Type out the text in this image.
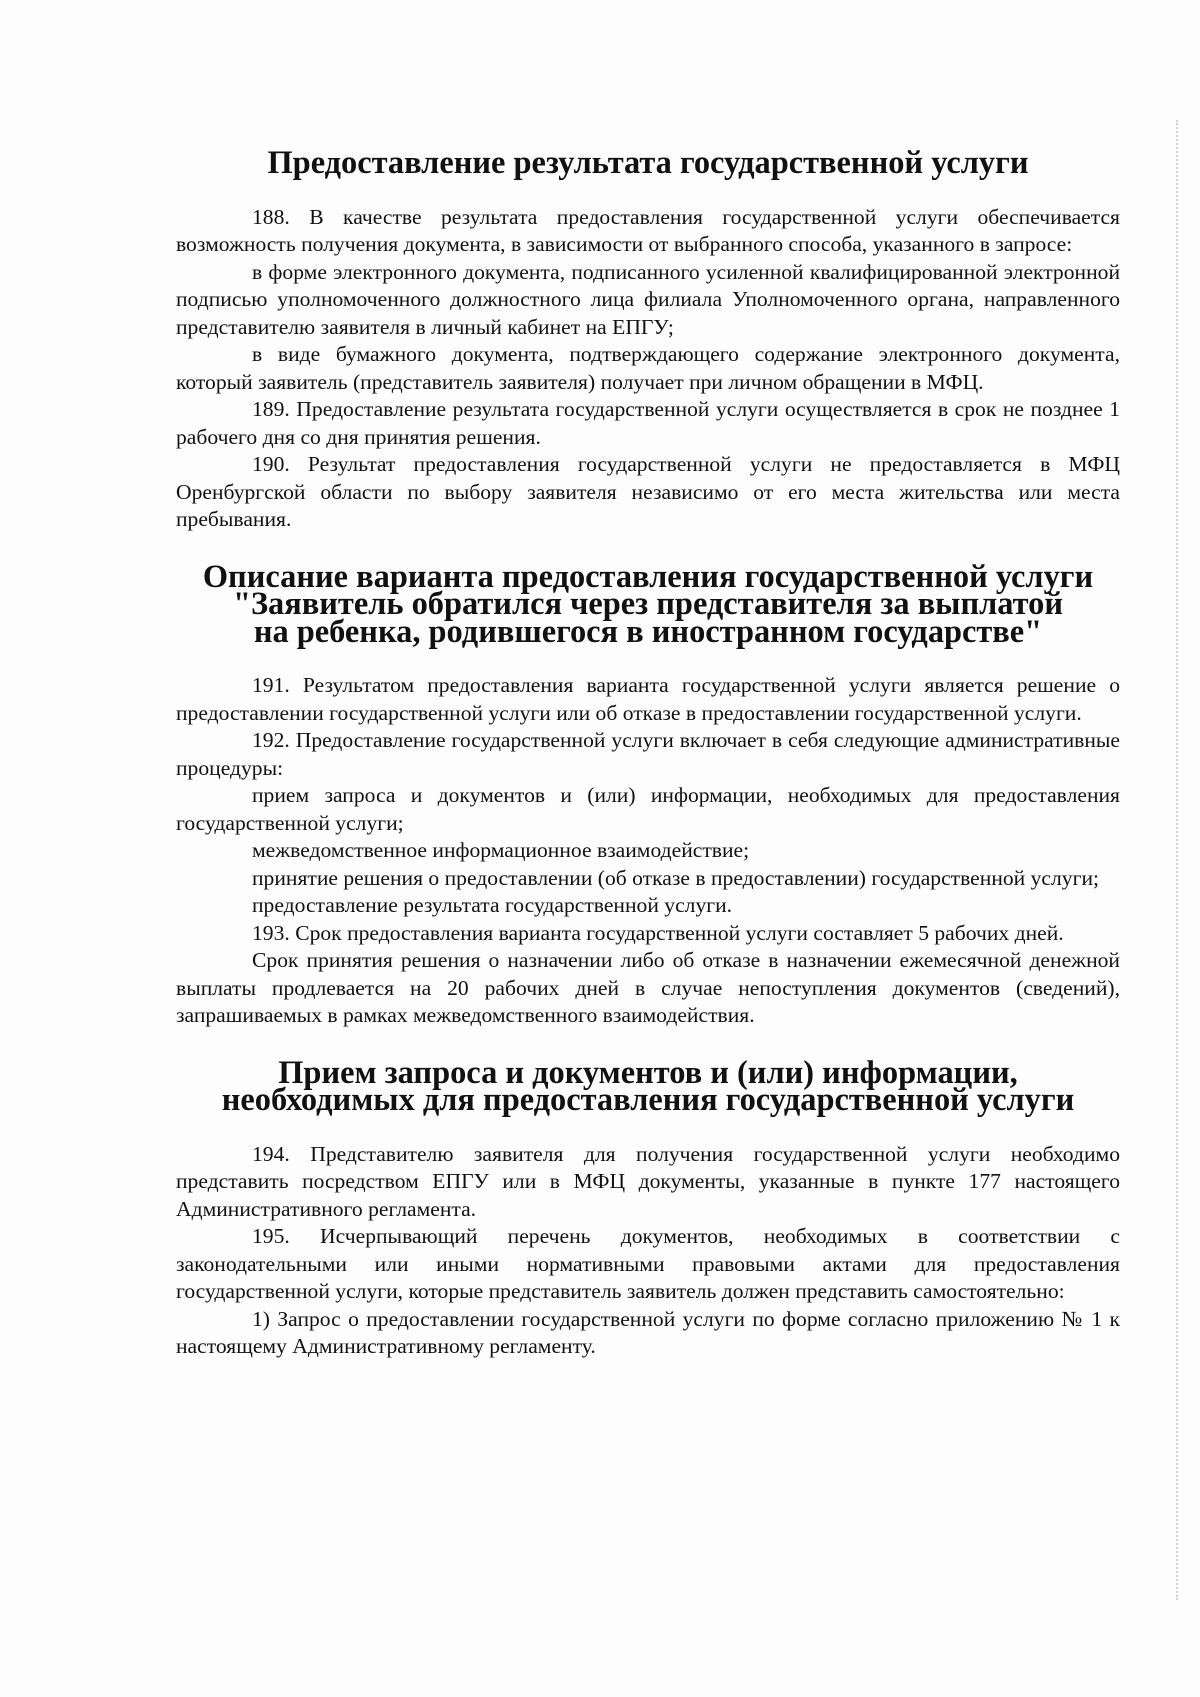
Предоставление результата государственной услуги

188. В качестве результата предоставления государственной услуги обеспечивается возможность получения документа, в зависимости от выбранного способа, указанного в запросе:

в форме электронного документа, подписанного усиленной квалифицированной электронной подписью уполномоченного должностного лица филиала Уполномоченного органа, направленного представителю заявителя в личный кабинет на ЕПГУ;

в виде бумажного документа, подтверждающего содержание электронного документа, который заявитель (представитель заявителя) получает при личном обращении в МФЦ.

189. Предоставление результата государственной услуги осуществляется в срок не позднее 1 рабочего дня со дня принятия решения.

190. Результат предоставления государственной услуги не предоставляется в МФЦ Оренбургской области по выбору заявителя независимо от его места жительства или места пребывания.

Описание варианта предоставления государственной услуги
"Заявитель обратился через представителя за выплатой
на ребенка, родившегося в иностранном государстве"

191. Результатом предоставления варианта государственной услуги является решение о предоставлении государственной услуги или об отказе в предоставлении государственной услуги.

192. Предоставление государственной услуги включает в себя следующие административные процедуры:

прием запроса и документов и (или) информации, необходимых для предоставления государственной услуги;

межведомственное информационное взаимодействие;

принятие решения о предоставлении (об отказе в предоставлении) государственной услуги;

предоставление результата государственной услуги.

193. Срок предоставления варианта государственной услуги составляет 5 рабочих дней.

Срок принятия решения о назначении либо об отказе в назначении ежемесячной денежной выплаты продлевается на 20 рабочих дней в случае непоступления документов (сведений), запрашиваемых в рамках межведомственного взаимодействия.

Прием запроса и документов и (или) информации,
необходимых для предоставления государственной услуги

194. Представителю заявителя для получения государственной услуги необходимо представить посредством ЕПГУ или в МФЦ документы, указанные в пункте 177 настоящего Административного регламента.

195. Исчерпывающий перечень документов, необходимых в соответствии с законодательными или иными нормативными правовыми актами для предоставления государственной услуги, которые представитель заявитель должен представить самостоятельно:

1) Запрос о предоставлении государственной услуги по форме согласно приложению № 1 к настоящему Административному регламенту.
